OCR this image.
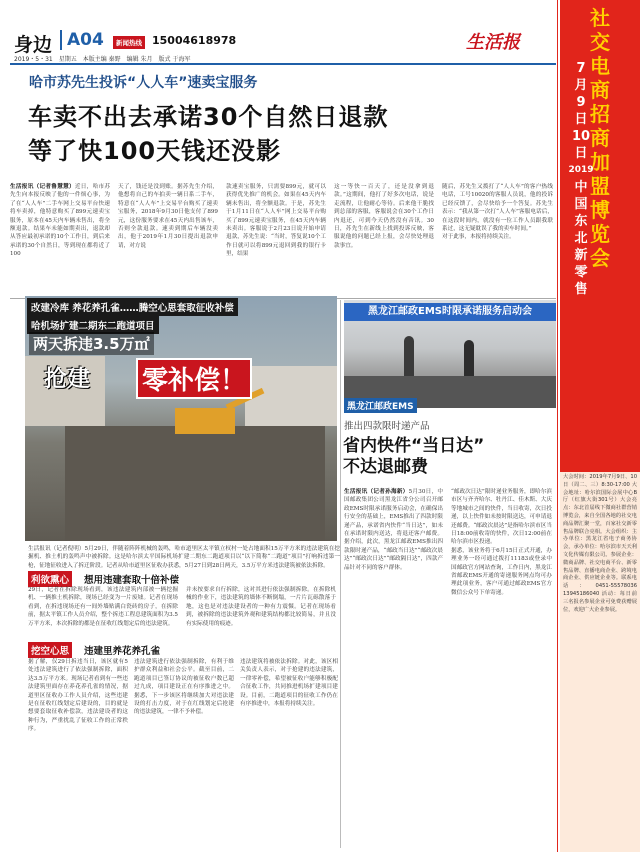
身边 A04	新闻热线 15004618978
2019・5・31　星期五　本版主编 秦野　编辑 朱月　版式 于海军
生活报
哈市苏先生投诉“人人车”速卖宝服务
车卖不出去承诺30个自然日退款
等了快100天钱还没影
生活报讯（记者鲁慧慧）近日，哈市苏先生向本报反映了他的一件烦心事，为了在“人人车”二手车网上交易平台快速将车卖掉，他特意购买了899元速卖宝服务，原本在45天内车辆未售出，将全额退款。结果车未能如期卖出，退款却从答应最初承诺的10个工作日，到后来承诺的30个自然日，等到现在都将近了100
天了，钱还是没到账。据苏先生介绍，他想将自己的车拍卖一辆日系二手车，特意在“人人车”上交易平台购买了速卖宝服务，2018年9月30日他支付了899元，这份服务要求在45天内出售该车，否则全款退款。速卖到期后车辆没卖出，他于2019年1月30日提出退款申请，对方说
款速卖宝服务，只需要899元，就可以获得优先推广的机会。如果在45天内车辆未售出，将全额退款。于是，苏先生于1月11日在“人人车”网上交易平台购买了899元速卖宝服务，在45天内车辆未卖出。客服说于2月23日说开始申请退款，苏先生说：“当时，答复说10个工作日就可以将899元退回到我的银行卡里，结果
这一等快一百天了，还是没拿到退款。”这期间，他打了好多次电话，说是走流程，让他耐心等待。后来他干脆找到总部的客服，客服说会在30个工作日内退还，可到今天仍然没有音讯。30日，苏先生在新线上找到投诉反映，客服说他的问题已经上报，会尽快处理退款事宜。
随后，苏先生又拨打了“人人车”的客户热线电话，工号10020的客服人员说，他的投诉已经反馈了，会尽快给予一个答复。苏先生表示：“我从第一次打“人人车”客服电话后，在这段时间内，就没有一位工作人员跟我联系过，这无疑耽误了我的卖车时间。”
对于此事，本报将持续关注。
改建冷库 养花养孔雀……腾空心思套取征收补偿
哈机场扩建二期东二跑道项目
两天拆违3.5万㎡
抢建 零补偿！
生活报讯（记者倪明）5月29日，伴随着阵阵机械的轰鸣，哈市道里区太平镇立权村一处占地面积15万平方米的违法建筑在挖掘机、推土机的轰鸣声中被拆除。这是哈尔滨太平国际机场扩建二期东二跑道项目以“以下简称“二跑道”项目”打响拆违第一枪，征地征收进入了拆迁阶段。记者从哈市道里区征收办获悉，5月27日到28日两天，3.5万平方米违法建筑被依法拆除。
利欲熏心	想用违建套取十倍补偿
29日，记者在拆除现场看到，该违法建筑内部被一辆挖掘机、一辆推土机拆除，现场已经变为一片废墟。记者在现场看到，在拆违现场还有一间外墙贴满白瓷砖的房子，在拆除前，据太平镇工作人员介绍，整个拆违工程总建筑面积为3.5万平方米，本次拆除的都是在征收红线划定后的违法建筑。
并未按要求自行拆除，这对其进行依法强制拆除。在拆除机械的作业下，违法建筑的墙体不断倒塌，一片片瓦砾散落于地，这也是对违法建设者的一种有力震慑。记者在现场看到，被拆除的违法建筑外观和建筑结构都比较简易，并且没有实际使用的痕迹。
挖空心思	违建里养花养孔雀
据了解，仅29日拆违当日，该区就有5处违法建筑进行了依法强制拆除，面积达3.5万平方米。现场记者看到有一些违法建筑里面存在养花养孔雀的情况，据道里区征收办工作人员介绍，这些违建是在征收红线划定后建设的，目的就是想要套取征收补偿款，违法建设者的这种行为，严重扰乱了征收工作的正常秩序。
违法建筑进行依法强制拆除，有利于维护群众利益和社会公平。截至目前，二跑道项目已签订协议的被征收户数已超过九成，项目建设正在有序推进之中。据悉，下一步该区将继续加大对违法建设的打击力度，对于在红线划定后抢建的违法建筑，一律不予补偿。
违法建筑将被依法拆除。对此，该区相关负责人表示，对于抢建的违法建筑，一律零补偿，希望被征收户能够积极配合征收工作，共同推进机场扩建项目建设。目前，二跑道项目的征收工作仍在有序推进中，本报将持续关注。
黑龙江邮政EMS时限承诺服务启动会
黑龙江邮政EMS
推出四款限时递产品
省内快件“当日达”
不达退邮费
生活报讯（记者孙海新）5月30日，中国邮政集团公司黑龙江省分公司召开邮政EMS时限承诺服务启动会，在确保出行安全的基础上，EMS推出了四款时限递产品，承诺省内快件“当日达”，如未在承诺时限内送达，将退还客户邮费。据介绍，此次，黑龙江邮政EMS推出四款限时递产品，“邮政当日达”“邮政次晨达”“邮政次日达”“邮政隔日达”，四款产品针对不同的客户群体。
“邮政次日达”限时递业务服务，即哈尔滨市区与齐齐哈尔、牡丹江、佳木斯、大庆等地城市之间的快件，当日收寄，次日投递，以上快件如未按时限送达，可申请退还邮费。“邮政次晨达”是指哈尔滨市区当日18:00前收寄的快件，次日12:00前在哈尔滨市区投递。
据悉，该业务将于6月15日正式开通，办理业务一经可通过拨打11183或登录中国邮政官方网站查询，工作日内，黑龙江省邮政EMS开通的寄递服务网点均可办理此项业务，客户可通过邮政EMS官方微信公众号下单寄递。
社
交
电
商
招
商
加
盟
博
览
会
7
月
9
日
10
日
2019
中
国
东
北
新
零
售
大会时间：2019年7月9日、10日（周二、三）8:30-17:00 大会地址：哈尔滨国际会展中心B厅（红旗大街301号）大会亮点：东北首届线下微商社群营销博览会，来自全国各地的社交电商品牌汇聚一堂，百家社交新零售品牌联合亮相。大会组织：主办单位：黑龙江省电子商务协会，承办单位：哈尔滨市天天利文化传媒有限公司。参展企业：微商品牌、社交电商平台、新零售品牌、直播电商企业、跨境电商企业、供应链企业等。联系电话：0451-55578036 13945186040 活动：每日前三名报名参展企业可免费获赠展位，欢迎广大企业参展。
